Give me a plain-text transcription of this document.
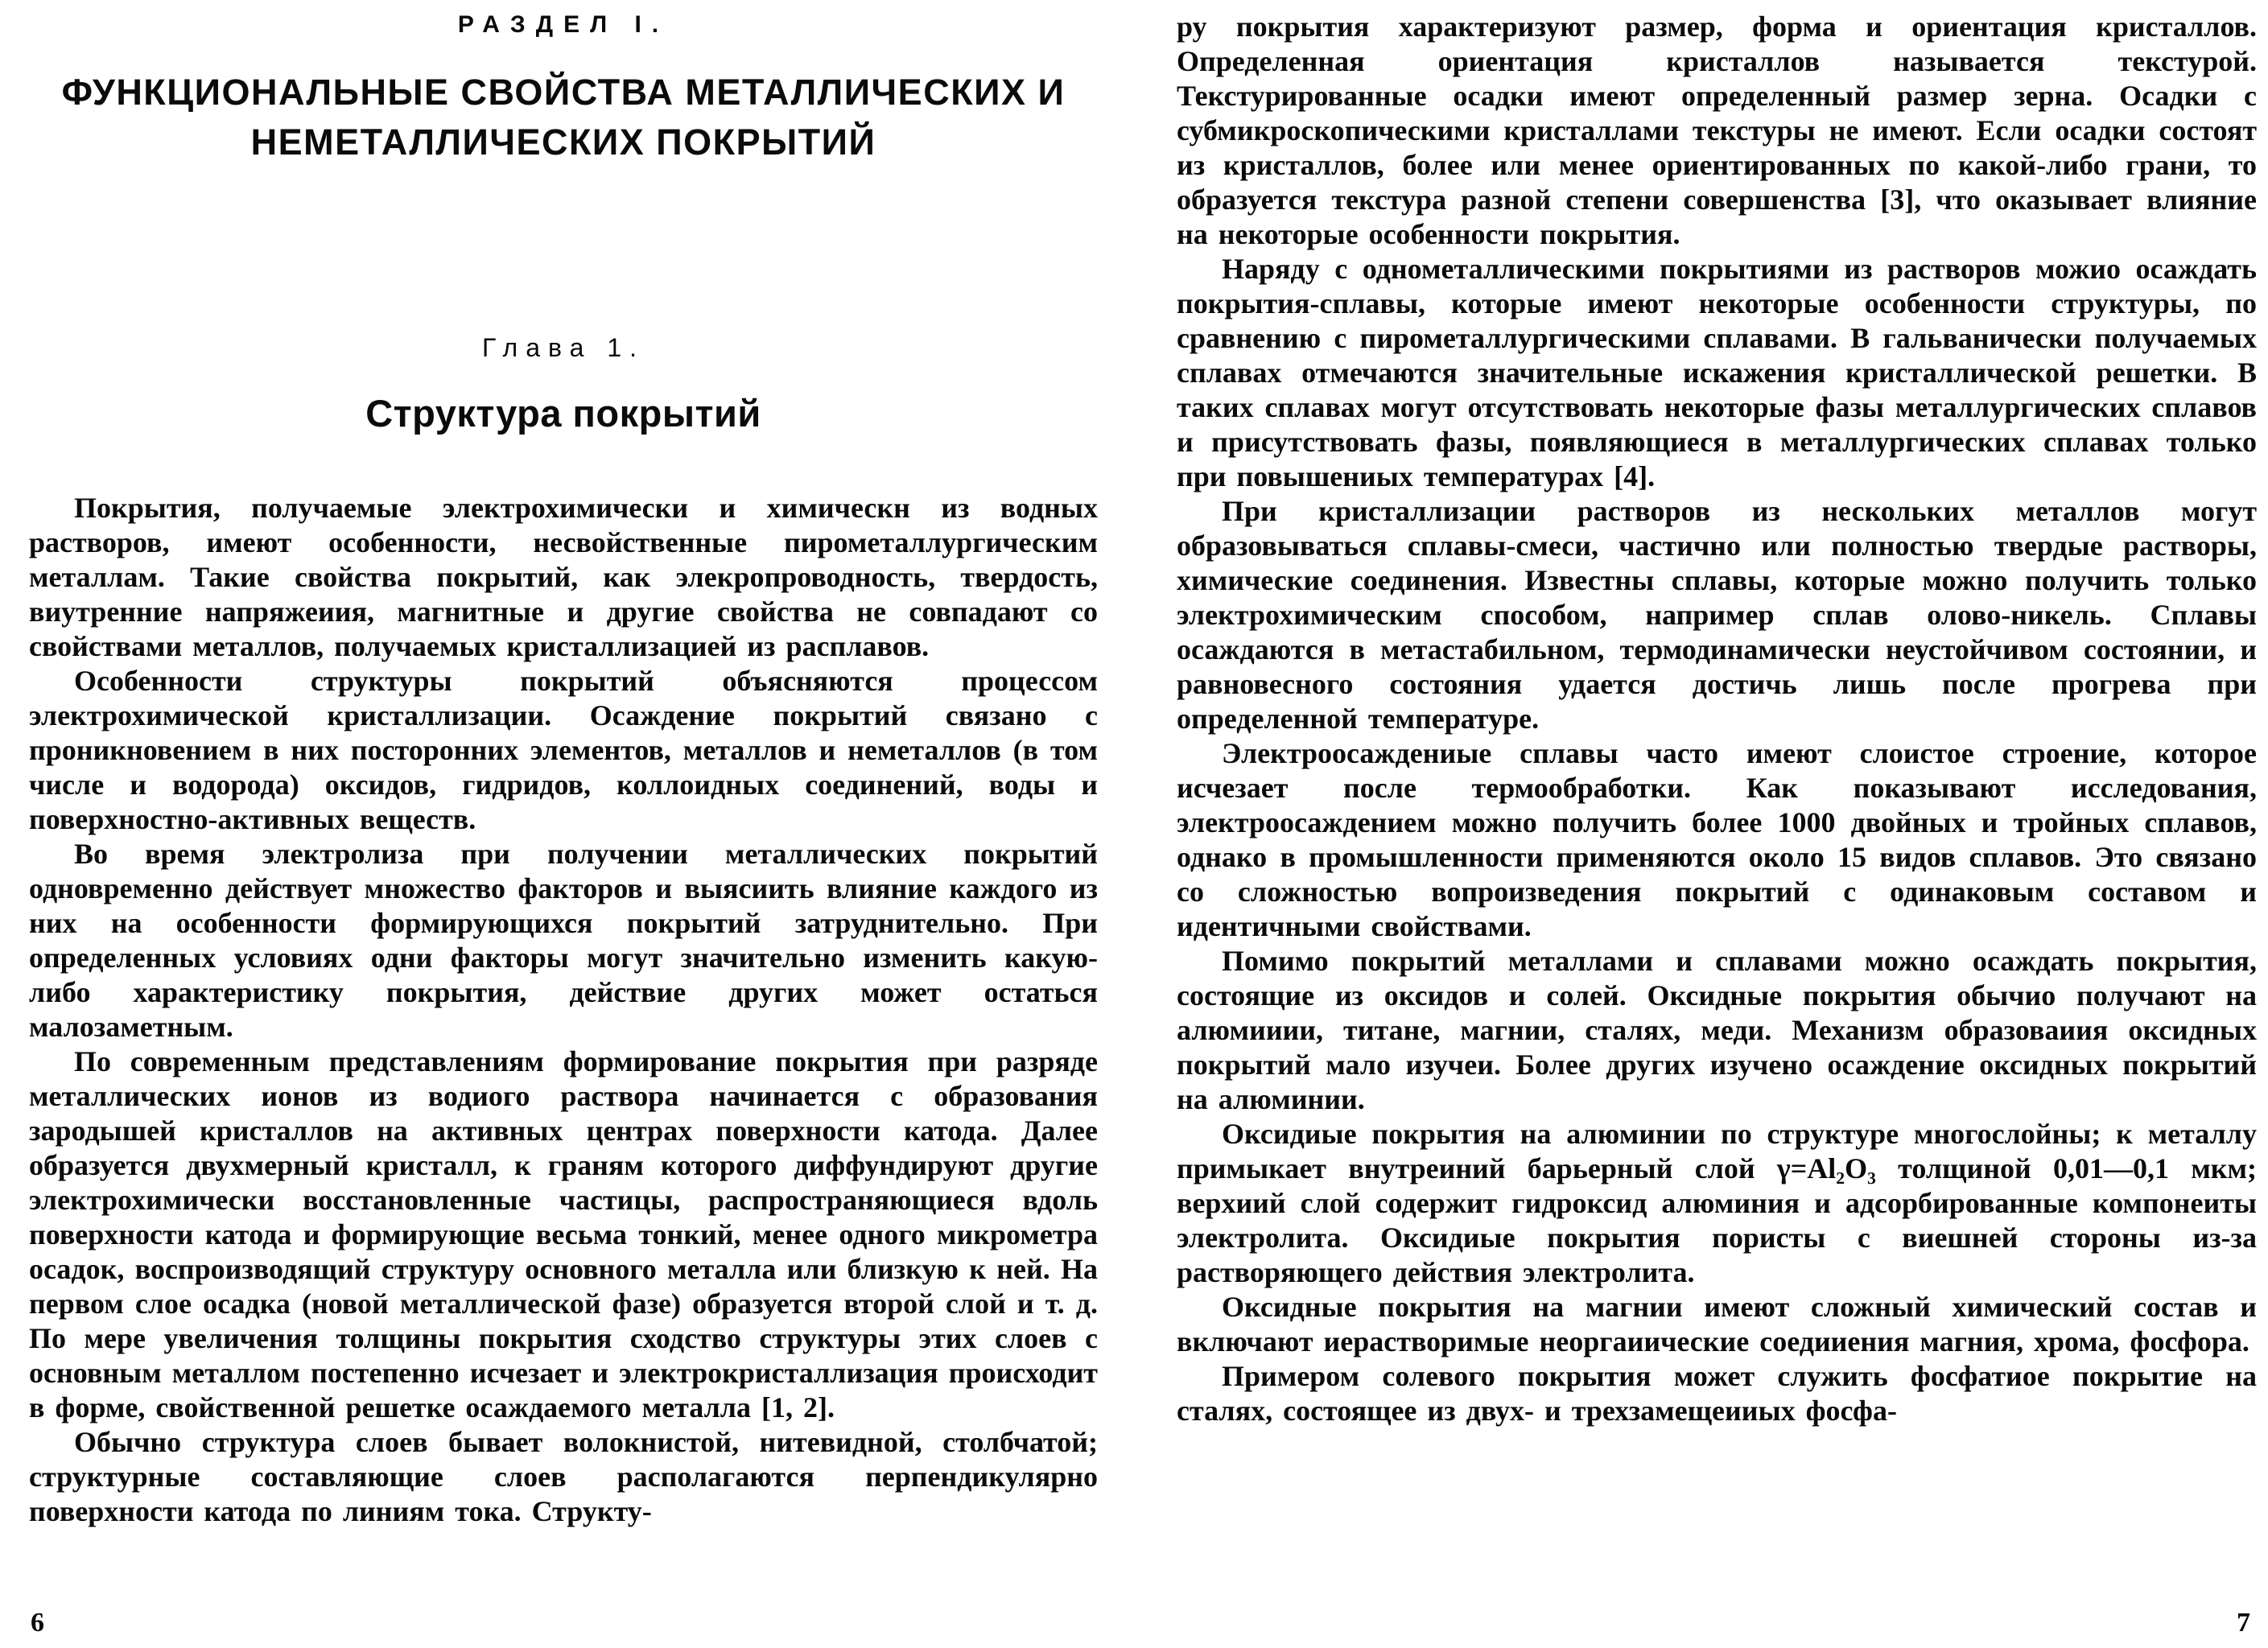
РАЗДЕЛ I.
ФУНКЦИОНАЛЬНЫЕ СВОЙСТВА МЕТАЛЛИЧЕСКИХ И
НЕМЕТАЛЛИЧЕСКИХ ПОКРЫТИЙ
Глава 1.
Структура покрытий

Покрытия, получаемые электрохимически и химическн из водных растворов, имеют особенности, несвойственные пирометаллургическим металлам. Такие свойства покрытий, как элекропроводность, твердость, виутренние напряжеиия, магнитные и другие свойства не совпадают со свойствами металлов, получаемых кристаллизацией из расплавов.

Особенности структуры покрытий объясняются процессом электрохимической кристаллизации. Осаждение покрытий связано с проникновением в них посторонних элементов, металлов и неметаллов (в том числе и водорода) оксидов, гидридов, коллоидных соединений, воды и поверхностно-активных веществ.

Во время электролиза при получении металлических покрытий одновременно действует множество факторов и выясиить влияние каждого из них на особенности формирующихся покрытий затруднительно. При определенных условиях одни факторы могут значительно изменить какую-либо характеристику покрытия, действие других может остаться малозаметным.

По современным представлениям формирование покрытия при разряде металлических ионов из водиого раствора начинается с образования зародышей кристаллов на активных центрах поверхности катода. Далее образуется двухмерный кристалл, к граням которого диффундируют другие электрохимически восстановленные частицы, распространяющиеся вдоль поверхности катода и формирующие весьма тонкий, менее одного микрометра осадок, воспроизводящий структуру основного металла или близкую к ней. На первом слое осадка (новой металлической фазе) образуется второй слой и т. д. По мере увеличения толщины покрытия сходство структуры этих слоев с основным металлом постепенно исчезает и электрокристаллизация происходит в форме, свойственной решетке осаждаемого металла [1, 2].

Обычно структура слоев бывает волокнистой, нитевидной, столбчатой; структурные составляющие слоев располагаются перпендикулярно поверхности катода по линиям тока. Структу-

6

ру покрытия характеризуют размер, форма и ориентация кристаллов. Определенная ориентация кристаллов называется текстурой. Текстурированные осадки имеют определенный размер зерна. Осадки с субмикроскопическими кристаллами текстуры не имеют. Если осадки состоят из кристаллов, более или менее ориентированных по какой-либо грани, то образуется текстура разной степени совершенства [3], что оказывает влияние на некоторые особенности покрытия.

Наряду с однометаллическими покрытиями из растворов можио осаждать покрытия-сплавы, которые имеют некоторые особенности структуры, по сравнению с пирометаллургическими сплавами. В гальванически получаемых сплавах отмечаются значительные искажения кристаллической решетки. В таких сплавах могут отсутствовать некоторые фазы металлургических сплавов и присутствовать фазы, появляющиеся в металлургических сплавах только при повышениых температурах [4].

При кристаллизации растворов из нескольких металлов могут образовываться сплавы-смеси, частично или полностью твердые растворы, химические соединения. Известны сплавы, которые можно получить только электрохимическим способом, например сплав олово-никель. Сплавы осаждаются в метастабильном, термодинамически неустойчивом состоянии, и равновесного состояния удается достичь лишь после прогрева при определенной температуре.

Электроосаждениые сплавы часто имеют слоистое строение, которое исчезает после термообработки. Как показывают исследования, электроосаждением можно получить более 1000 двойных и тройных сплавов, однако в промышленности применяются около 15 видов сплавов. Это связано со сложностью вопроизведения покрытий с одинаковым составом и идентичными свойствами.

Помимо покрытий металлами и сплавами можно осаждать покрытия, состоящие из оксидов и солей. Оксидные покрытия обычио получают на алюмииии, титане, магнии, сталях, меди. Механизм образоваиия оксидных покрытий мало изучеи. Более других изучено осаждение оксидных покрытий на алюминии.

Оксидиые покрытия на алюминии по структуре многослойны; к металлу примыкает внутреиний барьерный слой γ=Al₂O₃ толщиной 0,01—0,1 мкм; верхиий слой содержит гидроксид алюминия и адсорбированные компонеиты электролита. Оксидиые покрытия пористы с виешней стороны из-за растворяющего действия электролита.

Оксидные покрытия на магнии имеют сложный химический состав и включают иерастворимые неоргаиические соедииения магния, хрома, фосфора.

Примером солевого покрытия может служить фосфатиое покрытие на сталях, состоящее из двух- и трехзамещеииых фосфа-

7
